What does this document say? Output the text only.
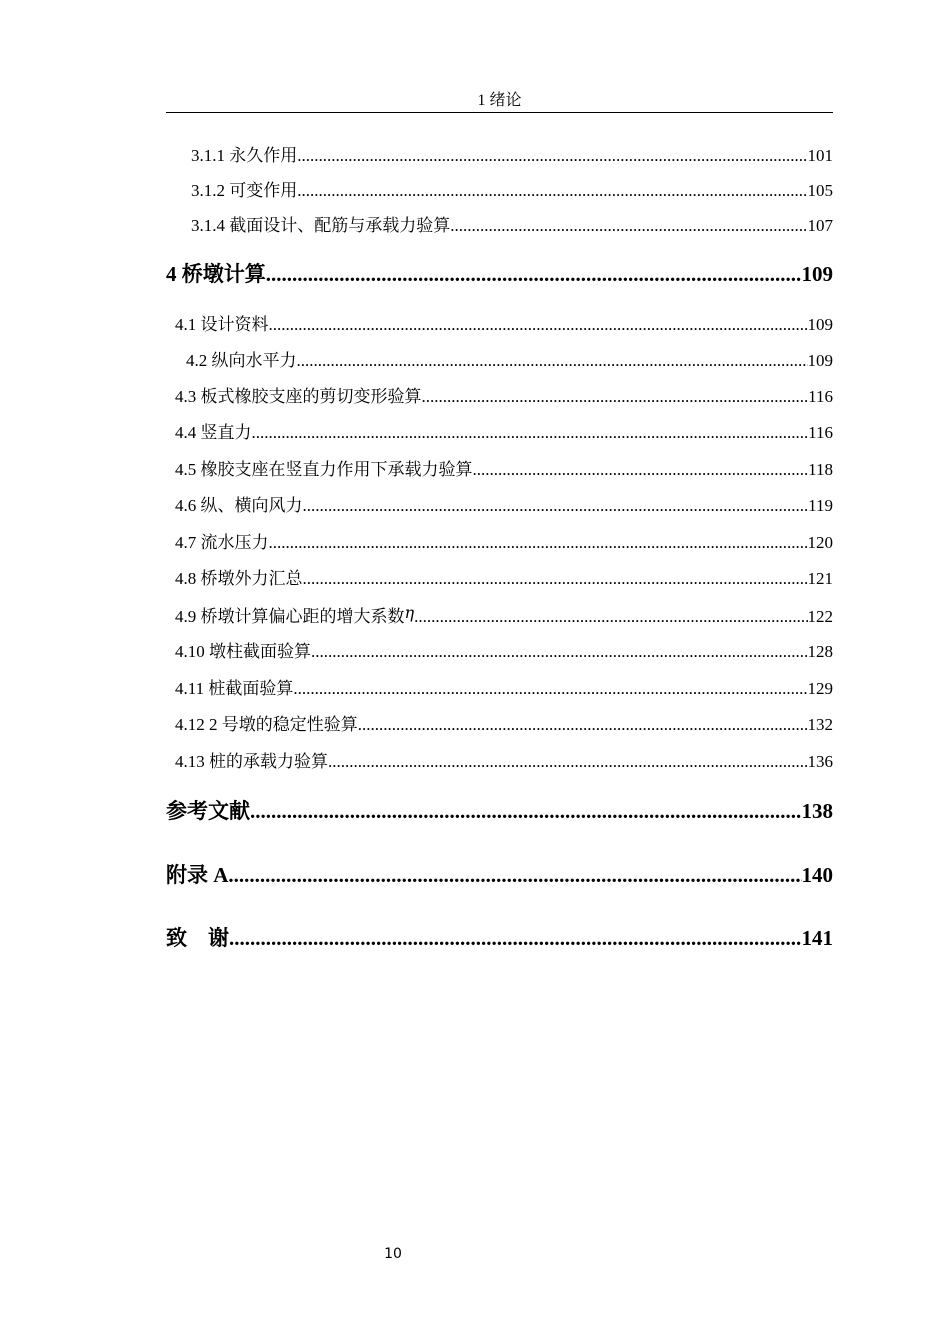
1 绪论
3.1.1 永久作用 .....	101
3.1.2 可变作用 .....	105
3.1.4 截面设计、配筋与承载力验算 .....	107
4 桥墩计算 .....	109
4.1 设计资料 .....	109
4.2 纵向水平力 .....	109
4.3 板式橡胶支座的剪切变形验算 .....	116
4.4 竖直力 .....	116
4.5 橡胶支座在竖直力作用下承载力验算 .....	118
4.6 纵、横向风力 .....	119
4.7 流水压力 .....	120
4.8 桥墩外力汇总 .....	121
4.9 桥墩计算偏心距的增大系数 η .....	122
4.10 墩柱截面验算 .....	128
4.11 桩截面验算 .....	129
4.12 2 号墩的稳定性验算 .....	132
4.13 桩的承载力验算 .....	136
参考文献 .....	138
附录 A .....	140
致　谢 .....	141
10
